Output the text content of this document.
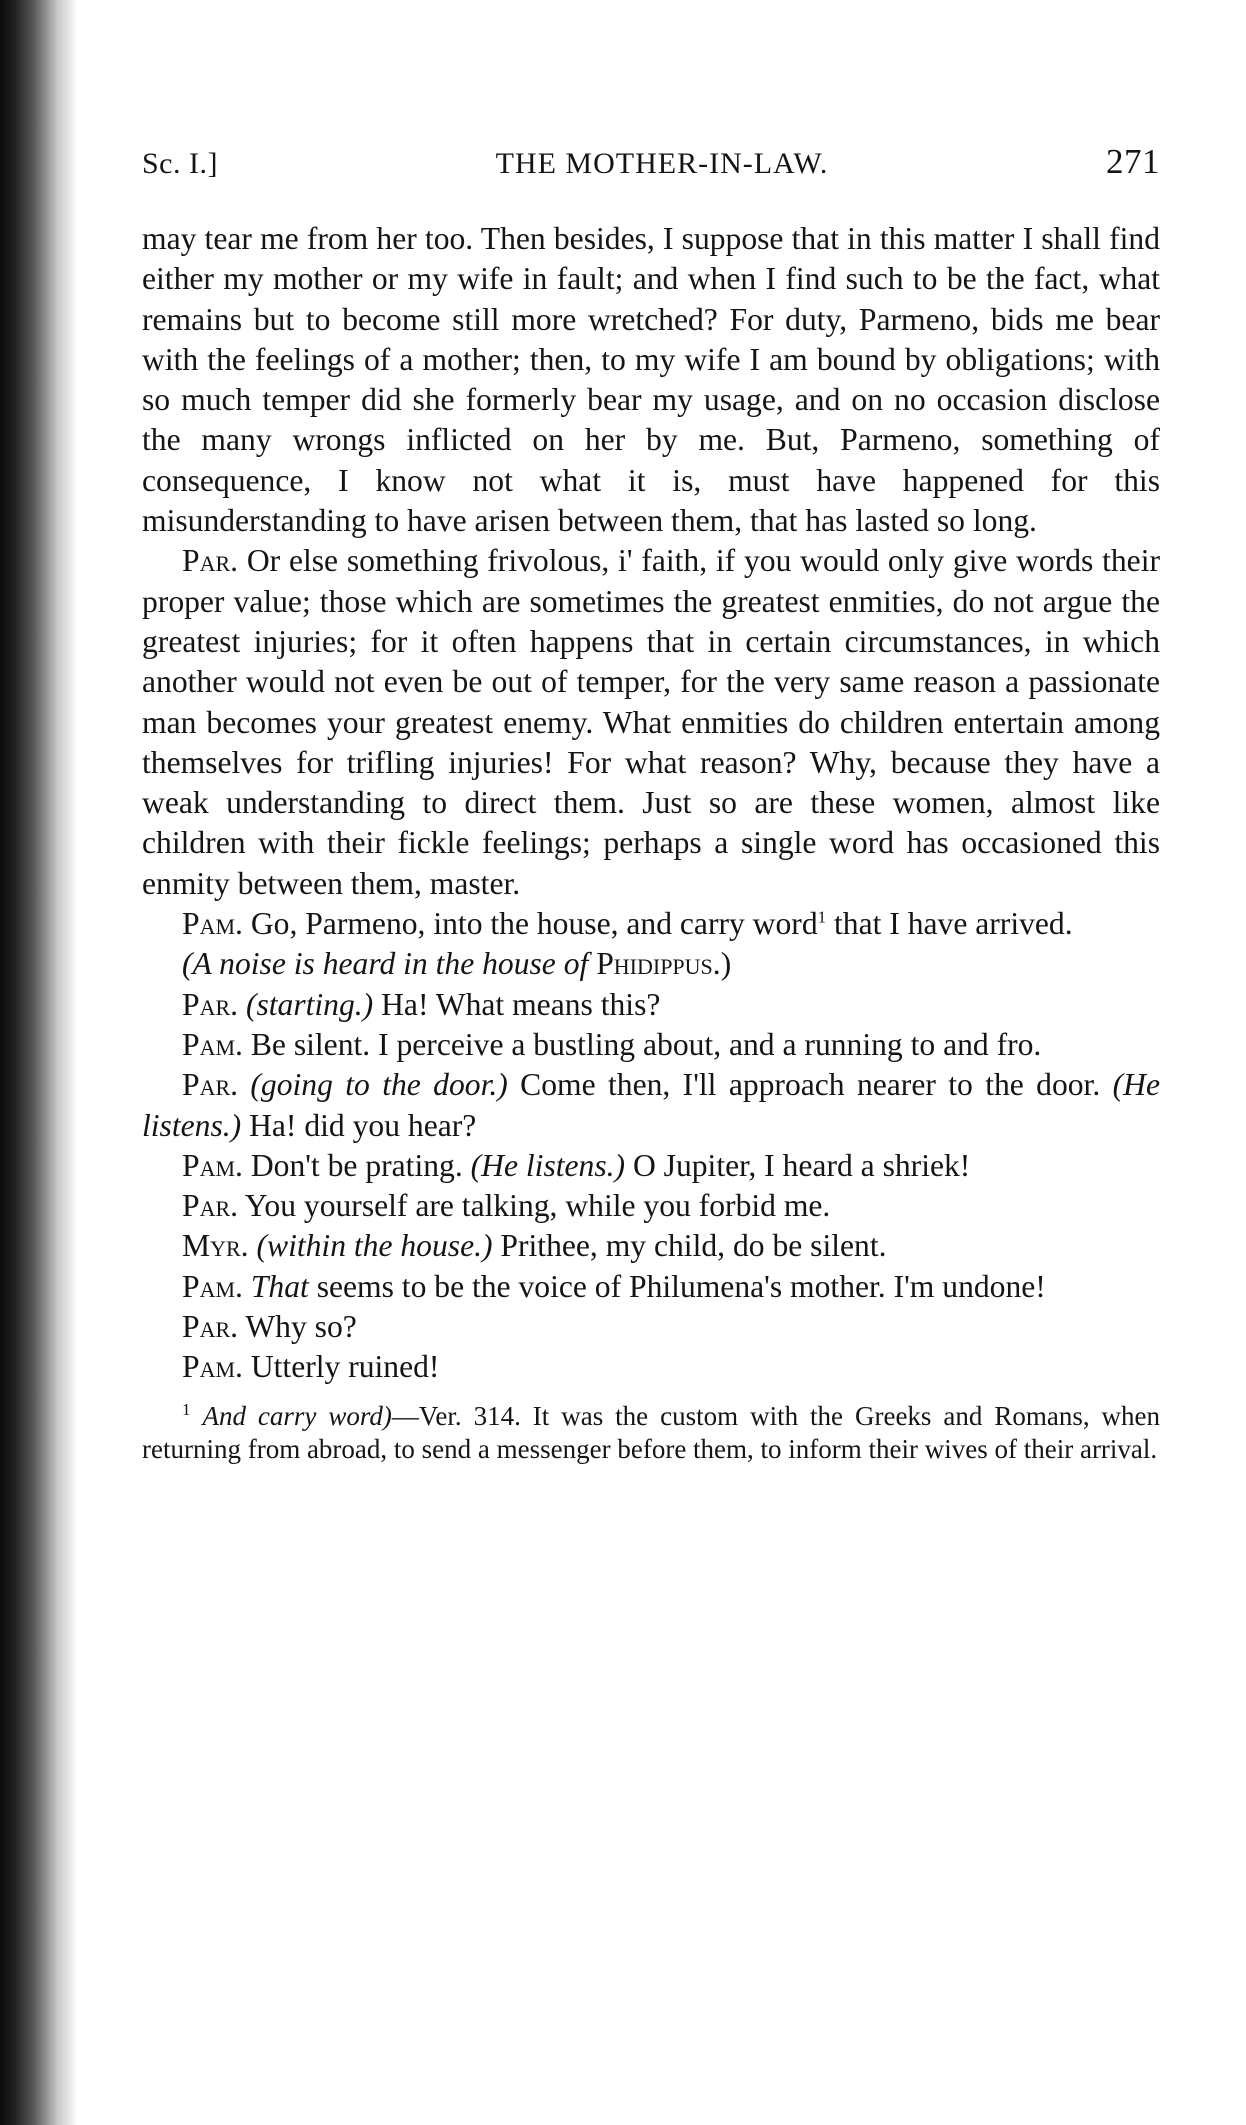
Sc. I.]	THE MOTHER-IN-LAW.	271

may tear me from her too. Then besides, I suppose that in this matter I shall find either my mother or my wife in fault; and when I find such to be the fact, what remains but to become still more wretched? For duty, Parmeno, bids me bear with the feelings of a mother; then, to my wife I am bound by obligations; with so much temper did she formerly bear my usage, and on no occasion disclose the many wrongs inflicted on her by me. But, Parmeno, something of consequence, I know not what it is, must have happened for this misunderstanding to have arisen between them, that has lasted so long.

Par. Or else something frivolous, i' faith, if you would only give words their proper value; those which are sometimes the greatest enmities, do not argue the greatest injuries; for it often happens that in certain circumstances, in which another would not even be out of temper, for the very same reason a passionate man becomes your greatest enemy. What enmities do children entertain among themselves for trifling injuries! For what reason? Why, because they have a weak understanding to direct them. Just so are these women, almost like children with their fickle feelings; perhaps a single word has occasioned this enmity between them, master.

Pam. Go, Parmeno, into the house, and carry word$^1$ that I have arrived.

(A noise is heard in the house of Phidippus.)

Par. (starting.) Ha! What means this?

Pam. Be silent. I perceive a bustling about, and a running to and fro.

Par. (going to the door.) Come then, I'll approach nearer to the door. (He listens.) Ha! did you hear?

Pam. Don't be prating. (He listens.) O Jupiter, I heard a shriek!

Par. You yourself are talking, while you forbid me.

Myr. (within the house.) Prithee, my child, do be silent.

Pam. That seems to be the voice of Philumena's mother. I'm undone!

Par. Why so?

Pam. Utterly ruined!

$^1$ And carry word)—Ver. 314. It was the custom with the Greeks and Romans, when returning from abroad, to send a messenger before them, to inform their wives of their arrival.
